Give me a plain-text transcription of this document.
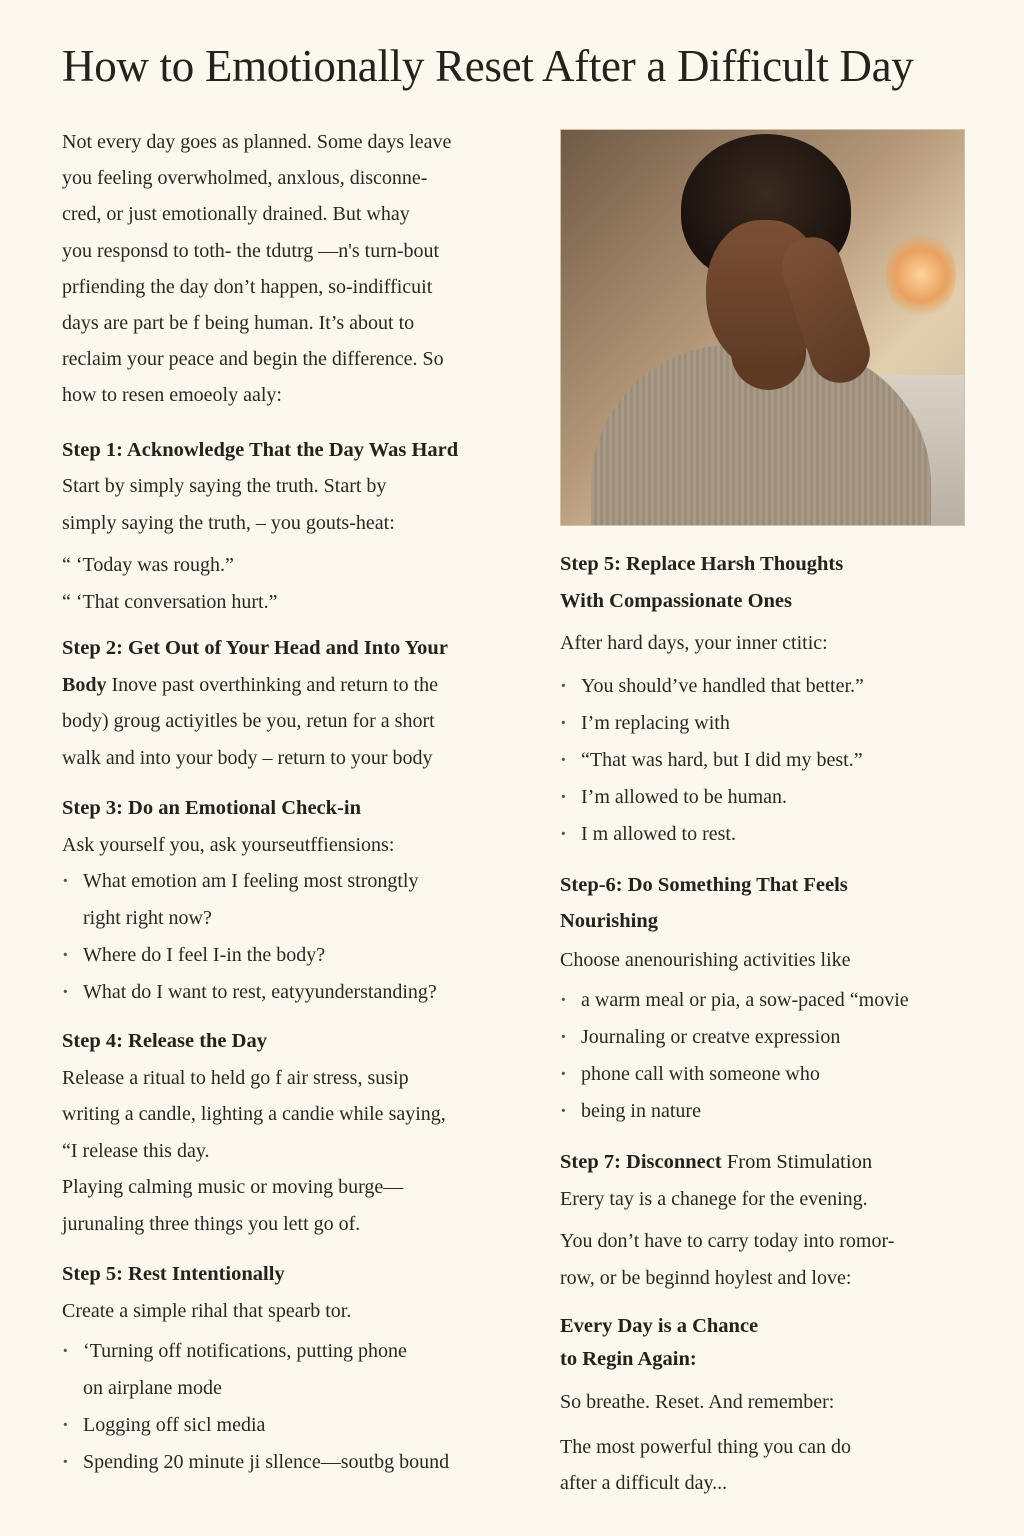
How to Emotionally Reset After a Difficult Day

Not every day goes as planned. Some days leave

you feeling overwholmed, anxlous, disconne-

cred, or just emotionally drained. But whay

you responsd to toth- the tdutrg —n's turn-bout

prfiending the day don’t happen, so-indifficuit

days are part be f being human. It’s about to

reclaim your peace and begin the difference. So

how to resen emoeoly aaly:

Step 1: Acknowledge That the Day Was Hard

Start by simply saying the truth. Start by

simply saying the truth, – you gouts-heat:

“ ‘Today was rough.”

“ ‘That conversation hurt.”

Step 2: Get Out of Your Head and Into Your

Body Inove past overthinking and return to the

body) groug actiyitles be you, retun for a short

walk and into your body – return to your body

Step 3: Do an Emotional Check-in

Ask yourself you, ask yourseutffiensions:

· What emotion am I feeling most strongtly
right right now?
· Where do I feel I-in the body?
· What do I want to rest, eatyyunderstanding?
Step 4: Release the Day

Release a ritual to held go f air stress, susip

writing a candle, lighting a candie while saying,

“I release this day.

Playing calming music or moving burge—

jurunaling three things you lett go of.

Step 5: Rest Intentionally

Create a simple rihal that spearb tor.

· ‘Turning off notifications, putting phone
on airplane mode
· Logging off sicl media
· Spending 20 minute ji sllence—soutbg bound
Step 5: Replace Harsh Thoughts
With Compassionate Ones

After hard days, your inner ctitic:

· You should’ve handled that better.”
· I’m replacing with
· “That was hard, but I did my best.”
· I’m allowed to be human.
· I m allowed to rest.
Step-6: Do Something That Feels
Nourishing

Choose anenourishing activities like

· a warm meal or pia, a sow-paced “movie
· Journaling or creatve expression
· phone call with someone who
· being in nature
Step 7: Disconnect From Stimulation

Erery tay is a chanege for the evening.

You don’t have to carry today into romor-

row, or be beginnd hoylest and love:

Every Day is a Chance
to Regin Again:

So breathe. Reset. And remember:

The most powerful thing you can do

after a difficult day...
